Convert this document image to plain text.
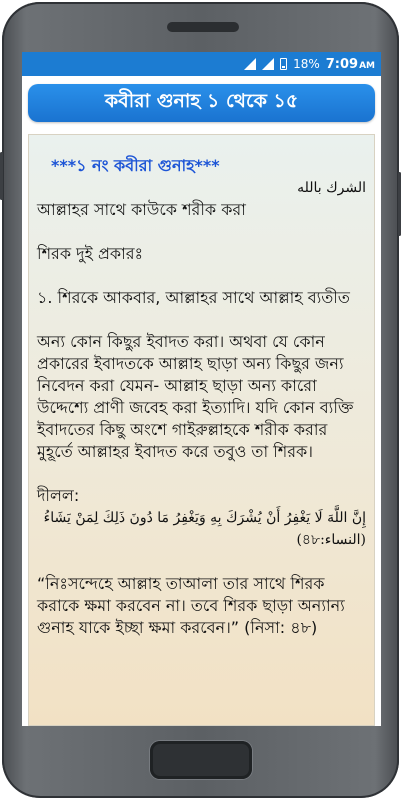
18% 7:09AM
কবীরা গুনাহ ১ থেকে ১৫

***১ নং কবীরা গুনাহ***

الشرك بالله

আল্লাহর সাথে কাউকে শরীক করা

শিরক দুই প্রকারঃ

১. শিরকে আকবার, আল্লাহর সাথে আল্লাহ ব্যতীত

অন্য কোন কিছুর ইবাদত করা। অথবা যে কোন প্রকারের ইবাদতকে আল্লাহ ছাড়া অন্য কিছুর জন্য নিবেদন করা যেমন- আল্লাহ ছাড়া অন্য কারো উদ্দেশ্যে প্রাণী জবেহ করা ইত্যাদি। যদি কোন ব্যক্তি ইবাদতের কিছু অংশে গাইরুল্লাহকে শরীক করার মুহূর্তে আল্লাহর ইবাদত করে তবুও তা শিরক।

দীলল:

إِنَّ اللَّهَ لَا يَغْفِرُ أَنْ يُشْرَكَ بِهِ وَيَغْفِرُ مَا دُونَ ذَلِكَ لِمَنْ يَشَاءُ (النساء:৪৮)

“নিঃসন্দেহে আল্লাহ তাআলা তার সাথে শিরক করাকে ক্ষমা করবেন না। তবে শিরক ছাড়া অন্যান্য গুনাহ যাকে ইচ্ছা ক্ষমা করবেন।” (নিসা: ৪৮)
